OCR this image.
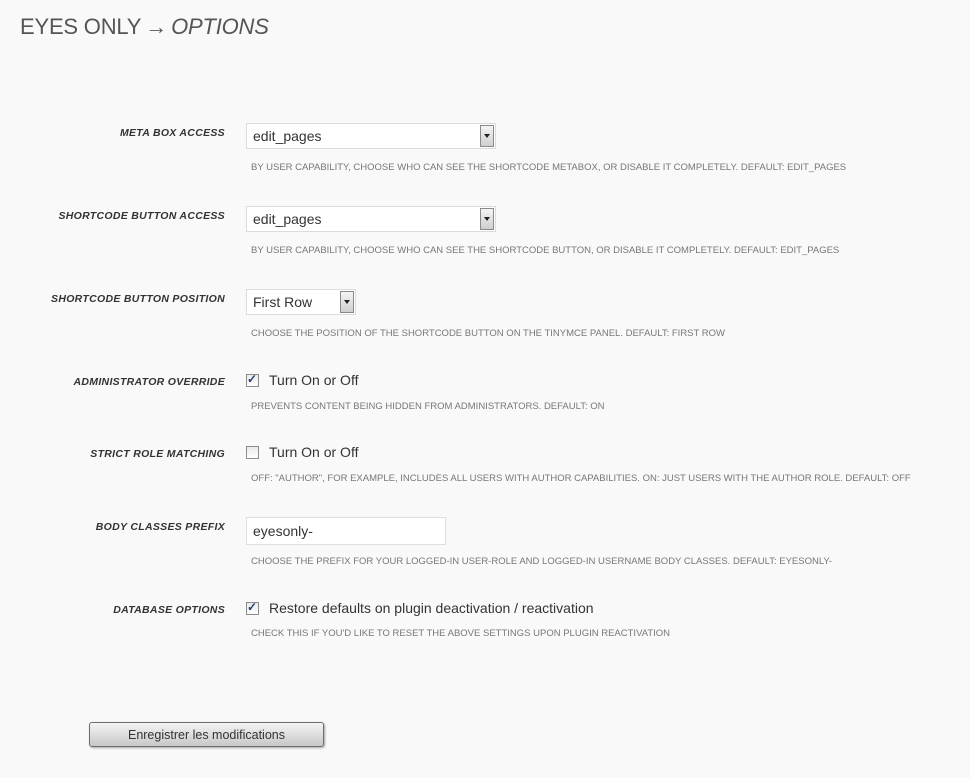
EYES ONLY → OPTIONS
META BOX ACCESS edit_pages
BY USER CAPABILITY, CHOOSE WHO CAN SEE THE SHORTCODE METABOX, OR DISABLE IT COMPLETELY. DEFAULT: EDIT_PAGES
SHORTCODE BUTTON ACCESS edit_pages
BY USER CAPABILITY, CHOOSE WHO CAN SEE THE SHORTCODE BUTTON, OR DISABLE IT COMPLETELY. DEFAULT: EDIT_PAGES
SHORTCODE BUTTON POSITION First Row
CHOOSE THE POSITION OF THE SHORTCODE BUTTON ON THE TINYMCE PANEL. DEFAULT: FIRST ROW
ADMINISTRATOR OVERRIDE ✓ Turn On or Off
PREVENTS CONTENT BEING HIDDEN FROM ADMINISTRATORS. DEFAULT: ON
STRICT ROLE MATCHING	Turn On or Off
OFF: "AUTHOR", FOR EXAMPLE, INCLUDES ALL USERS WITH AUTHOR CAPABILITIES. ON: JUST USERS WITH THE AUTHOR ROLE. DEFAULT: OFF
BODY CLASSES PREFIX
eyesonly-
CHOOSE THE PREFIX FOR YOUR LOGGED-IN USER-ROLE AND LOGGED-IN USERNAME BODY CLASSES. DEFAULT: EYESONLY-
DATABASE OPTIONS ✓ Restore defaults on plugin deactivation / reactivation
CHECK THIS IF YOU'D LIKE TO RESET THE ABOVE SETTINGS UPON PLUGIN REACTIVATION
Enregistrer les modifications
